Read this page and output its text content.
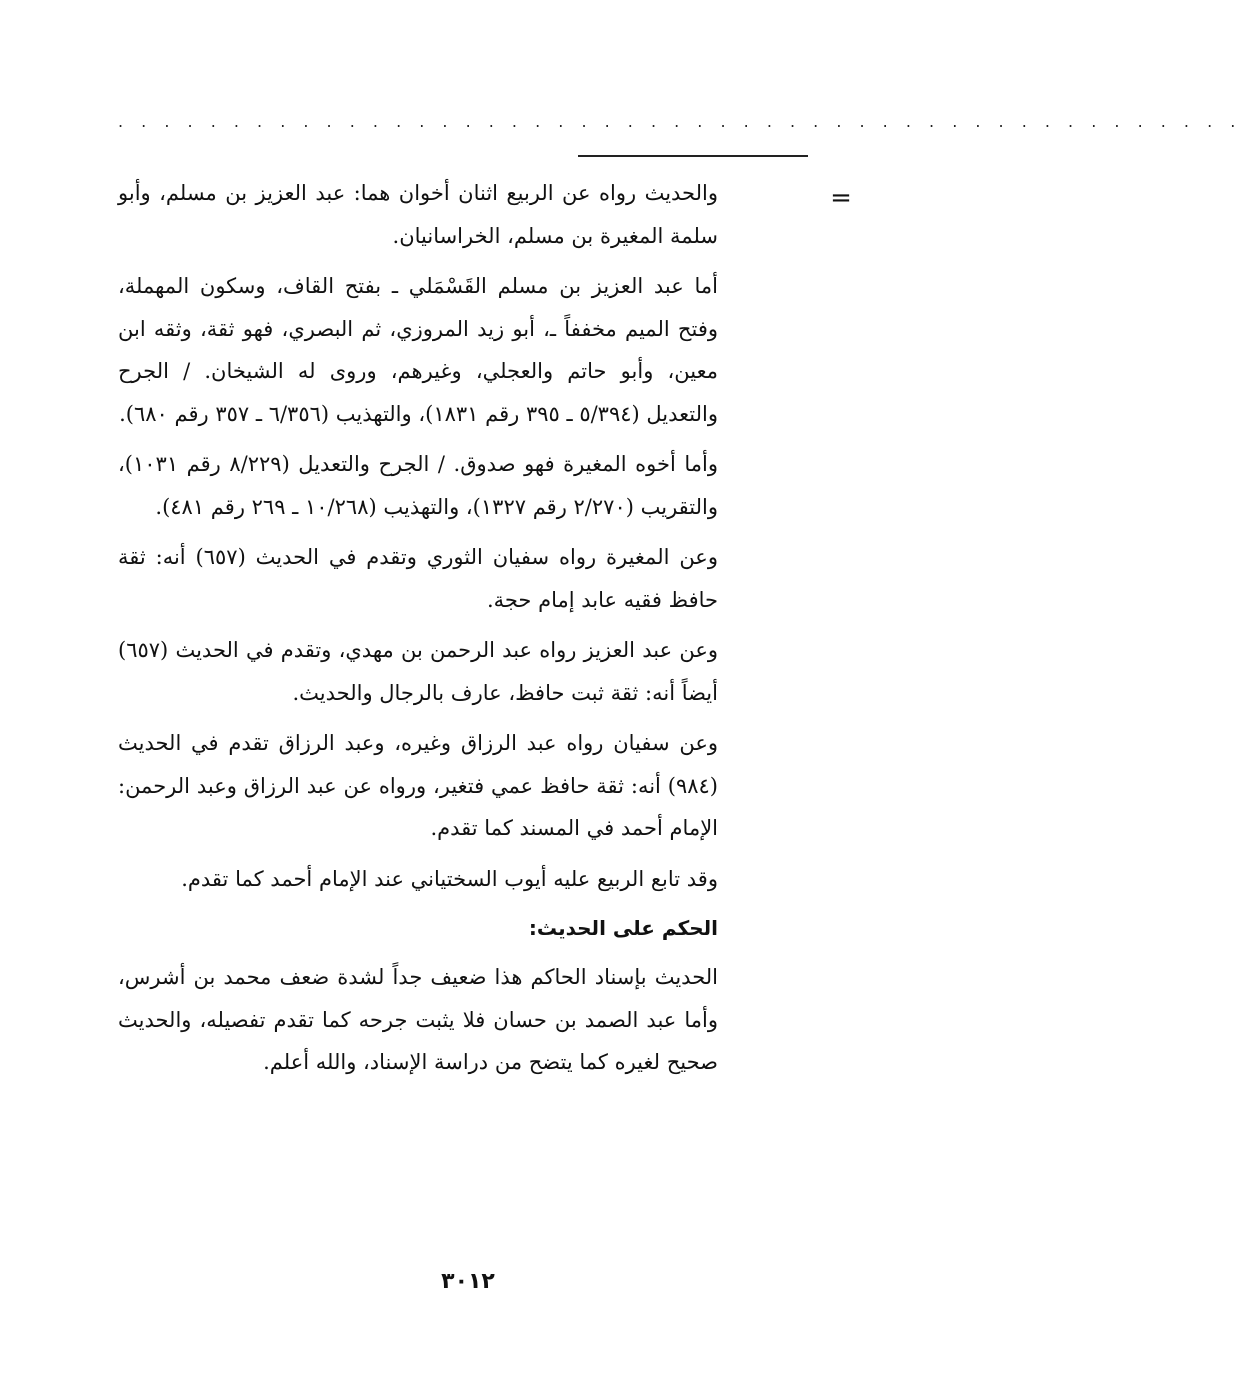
. . . . . . . . . . . . . . . . . . . . . . . . . . . . . . . . . . . . . . . . . . . . . . . . .
=

والحديث رواه عن الربيع اثنان أخوان هما: عبد العزيز بن مسلم، وأبو سلمة المغيرة بن مسلم، الخراسانيان.

أما عبد العزيز بن مسلم القَسْمَلي ـ بفتح القاف، وسكون المهملة، وفتح الميم مخففاً ـ، أبو زيد المروزي، ثم البصري، فهو ثقة، وثقه ابن معين، وأبو حاتم والعجلي، وغيرهم، وروى له الشيخان. / الجرح والتعديل (٥/٣٩٤ ـ ٣٩٥ رقم ١٨٣١)، والتهذيب (٦/٣٥٦ ـ ٣٥٧ رقم ٦٨٠).

وأما أخوه المغيرة فهو صدوق. / الجرح والتعديل (٨/٢٢٩ رقم ١٠٣١)، والتقريب (٢/٢٧٠ رقم ١٣٢٧)، والتهذيب (١٠/٢٦٨ ـ ٢٦٩ رقم ٤٨١).

وعن المغيرة رواه سفيان الثوري وتقدم في الحديث (٦٥٧) أنه: ثقة حافظ فقيه عابد إمام حجة.

وعن عبد العزيز رواه عبد الرحمن بن مهدي، وتقدم في الحديث (٦٥٧) أيضاً أنه: ثقة ثبت حافظ، عارف بالرجال والحديث.

وعن سفيان رواه عبد الرزاق وغيره، وعبد الرزاق تقدم في الحديث (٩٨٤) أنه: ثقة حافظ عمي فتغير، ورواه عن عبد الرزاق وعبد الرحمن: الإمام أحمد في المسند كما تقدم.

وقد تابع الربيع عليه أيوب السختياني عند الإمام أحمد كما تقدم.

الحكم على الحديث:

الحديث بإسناد الحاكم هذا ضعيف جداً لشدة ضعف محمد بن أشرس، وأما عبد الصمد بن حسان فلا يثبت جرحه كما تقدم تفصيله، والحديث صحيح لغيره كما يتضح من دراسة الإسناد، والله أعلم.

٣٠١٢
